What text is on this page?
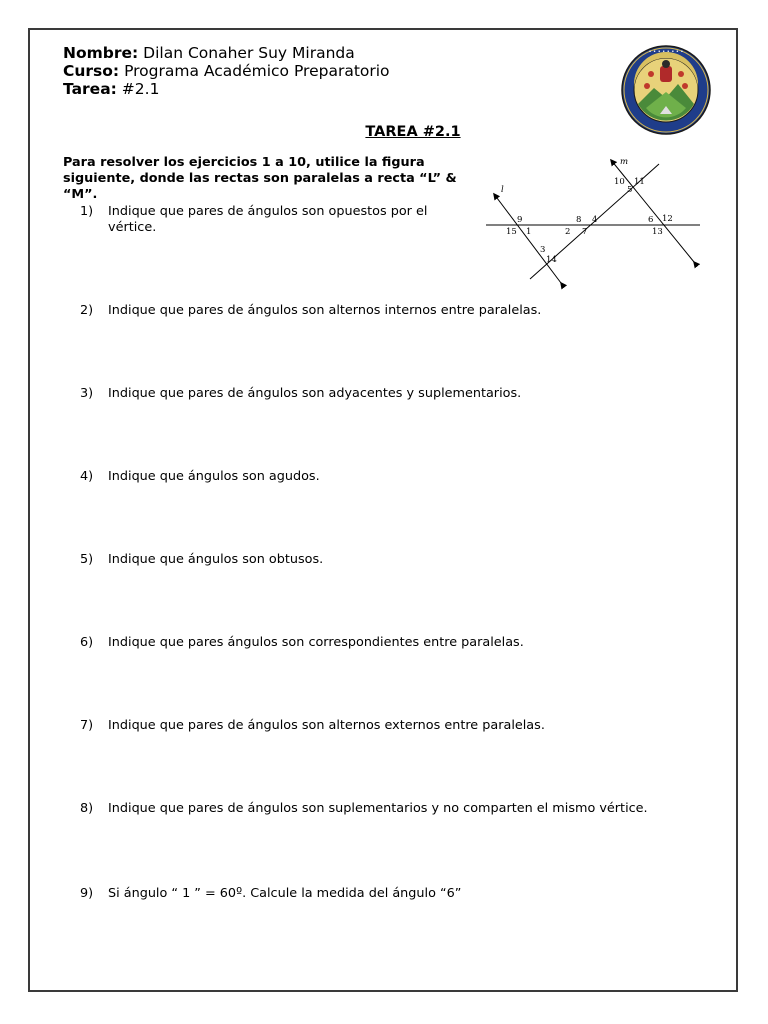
Nombre: Dilan Conaher Suy Miranda
Curso: Programa Académico Preparatorio
Tarea: #2.1
• • • • • • • •
TAREA #2.1
Para resolver los ejercicios 1 a 10, utilice la figura siguiente, donde las rectas son paralelas a recta “L” & “M”.	l
m
9
15 1
3
14
8
2
4
7
10 11
5
6 12
13
1)	Indique que pares de ángulos son opuestos por el vértice.
2) Indique que pares de ángulos son alternos internos entre paralelas.
3) Indique que pares de ángulos son adyacentes y suplementarios.
4) Indique que ángulos son agudos.
5) Indique que ángulos son obtusos.
6) Indique que pares ángulos son correspondientes entre paralelas.
7) Indique que pares de ángulos son alternos externos entre paralelas.
8) Indique que pares de ángulos son suplementarios y no comparten el mismo vértice.
9) Si ángulo “ 1 ” = 60º. Calcule la medida del ángulo “6”
